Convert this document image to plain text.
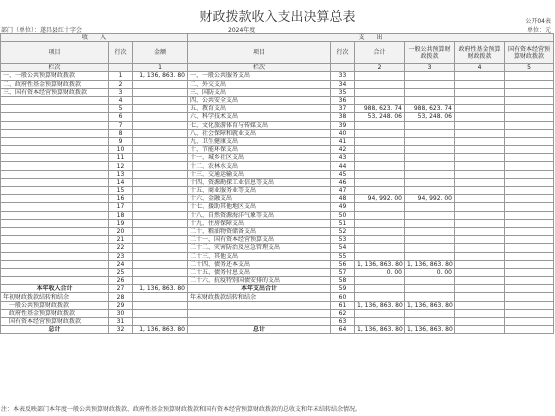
财政拨款收入支出决算总表	公开04表
部门（单位）：遂昌县红十字会	2024年度	单位：元
收　　入			支　　出					
项目	行次	金额	项目	行次	合计	一般公共预算财政拨款	政府性基金预算财政拨款	国有资本经营预算财政拨款
栏次		1	栏次		2	3	4	5
一、一般公共预算财政拨款	1	1, 136, 863. 80	一、一般公共服务支出	33				
二、政府性基金预算财政拨款	2		二、外交支出	34				
三、国有资本经营预算财政拨款	3		三、国防支出	35				
	4		四、公共安全支出	36				
	5		五、教育支出	37	988, 623. 74	988, 623. 74		
	6		六、科学技术支出	38	53, 248. 06	53, 248. 06		
	7		七、文化旅游体育与传媒支出	39				
	8		八、社会保障和就业支出	40				
	9		九、卫生健康支出	41				
	10		十、节能环保支出	42				
	11		十一、城乡社区支出	43				
	12		十二、农林水支出	44				
	13		十三、交通运输支出	45				
	14		十四、资源勘探工业信息等支出	46				
	15		十五、商业服务业等支出	47				
	16		十六、金融支出	48	94, 992. 00	94, 992. 00		
	17		十七、援助其他地区支出	49				
	18		十八、自然资源海洋气象等支出	50				
	19		十九、住房保障支出	51				
	20		二十、粮油物资储备支出	52				
	21		二十一、国有资本经营预算支出	53				
	22		二十二、灾害防治及应急管理支出	54				
	23		二十三、其他支出	55				
	24		二十四、债务还本支出	56	1, 136, 863. 80	1, 136, 863. 80		
	25		二十五、债务付息支出	57	0. 00	0. 00		
	26		二十六、抗疫特别国债安排的支出	58				
本年收入合计	27	1, 136, 863. 80	本年支出合计	59				
年初财政拨款结转和结余	28		年末财政拨款结转和结余	60				
　一般公共预算财政拨款	29			61	1, 136, 863. 80	1, 136, 863. 80		
　政府性基金预算财政拨款	30			62				
　国有资本经营预算财政拨款	31			63				
总计	32	1, 136, 863. 80	总计	64	1, 136, 863. 80	1, 136, 863. 80		
注：本表反映部门本年度一般公共预算财政拨款、政府性基金预算财政拨款和国有资本经营预算财政拨款的总收支和年末结转结余情况。
